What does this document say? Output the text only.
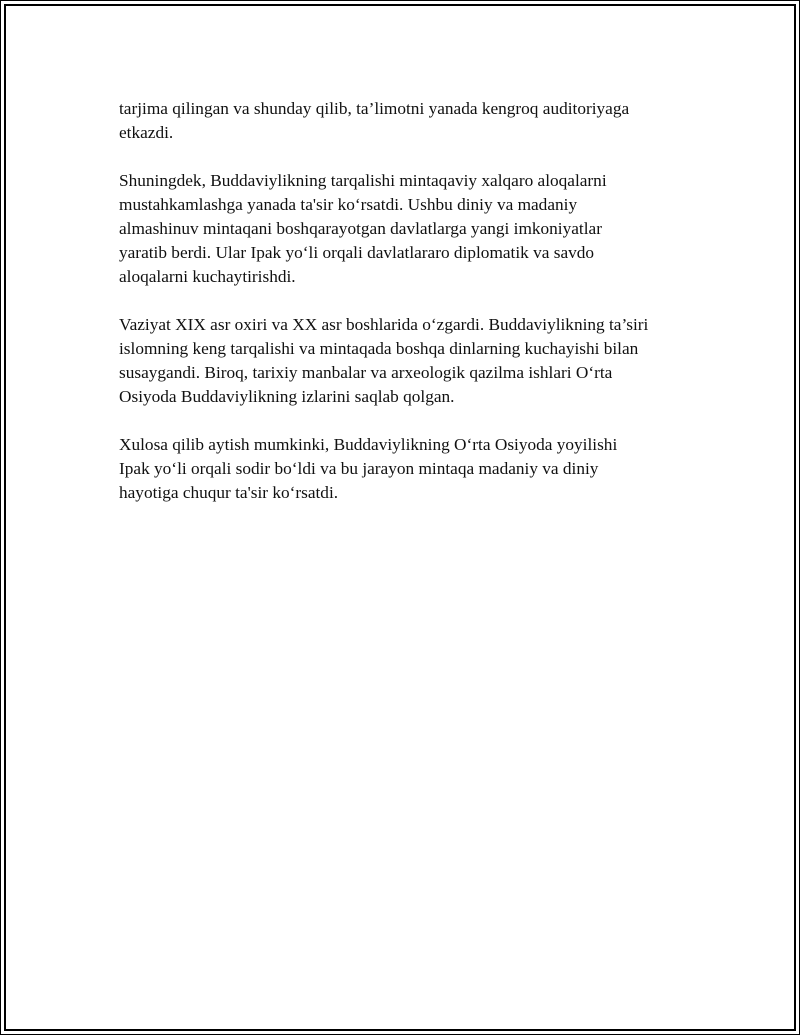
tarjima qilingan va shunday qilib, ta’limotni yanada kengroq auditoriyaga
etkazdi.

Shuningdek, Buddaviylikning tarqalishi mintaqaviy xalqaro aloqalarni
mustahkamlashga yanada ta'sir koʻrsatdi. Ushbu diniy va madaniy
almashinuv mintaqani boshqarayotgan davlatlarga yangi imkoniyatlar
yaratib berdi. Ular Ipak yoʻli orqali davlatlararo diplomatik va savdo
aloqalarni kuchaytirishdi.

Vaziyat XIX asr oxiri va XX asr boshlarida oʻzgardi. Buddaviylikning ta’siri
islomning keng tarqalishi va mintaqada boshqa dinlarning kuchayishi bilan
susaygandi. Biroq, tarixiy manbalar va arxeologik qazilma ishlari Oʻrta
Osiyoda Buddaviylikning izlarini saqlab qolgan.

Xulosa qilib aytish mumkinki, Buddaviylikning Oʻrta Osiyoda yoyilishi
Ipak yoʻli orqali sodir boʻldi va bu jarayon mintaqa madaniy va diniy
hayotiga chuqur ta'sir koʻrsatdi.
